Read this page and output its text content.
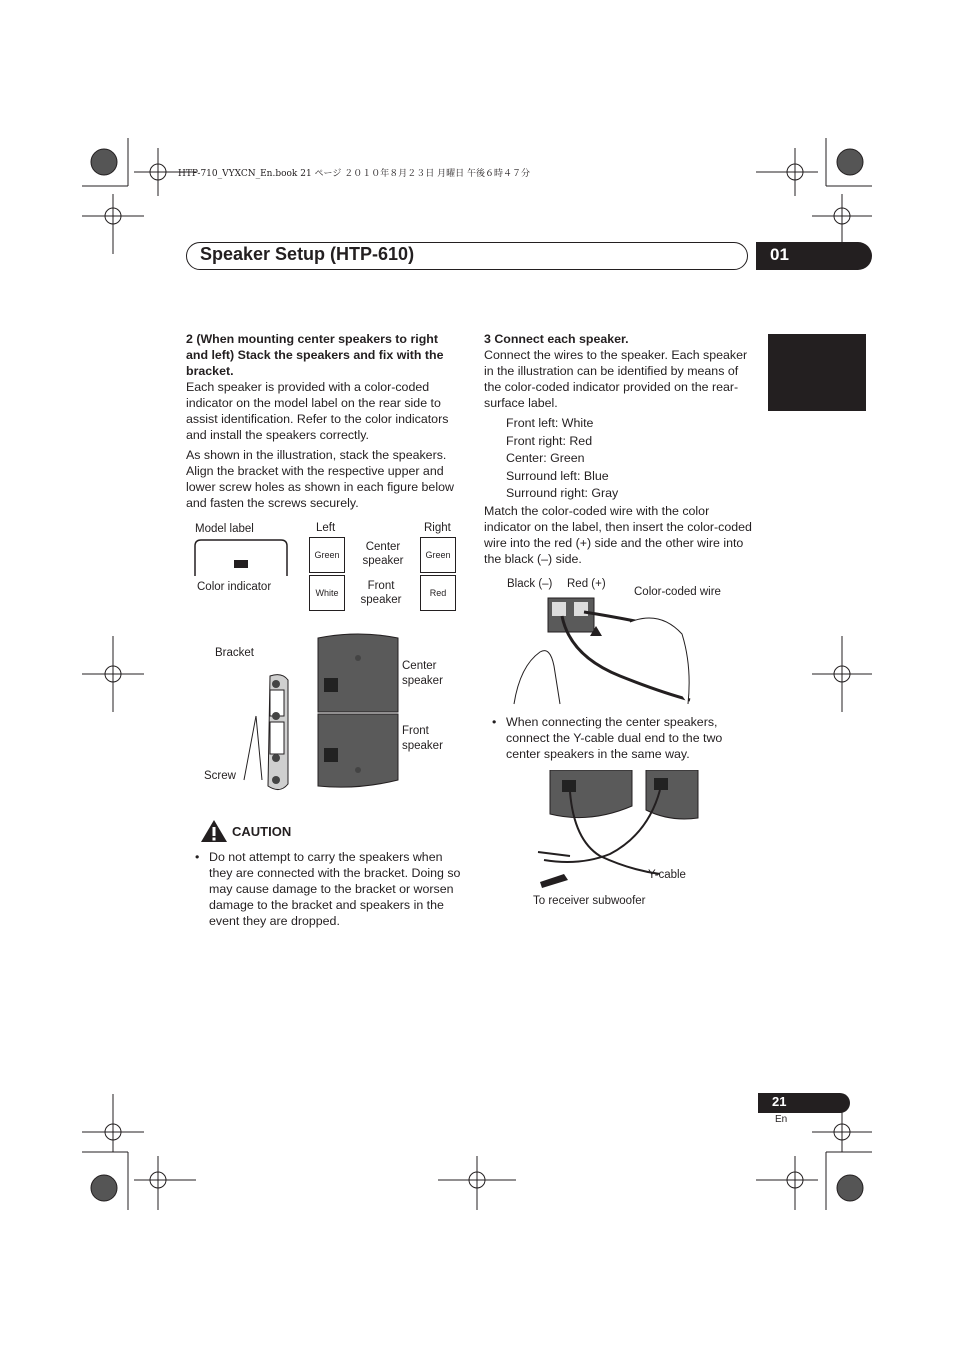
HTP-710_VYXCN_En.book 21 ページ ２０１０年８月２３日 月曜日 午後６時４７分
Speaker Setup (HTP-610)	01
English

2 (When mounting center speakers to right and left) Stack the speakers and fix with the bracket.

Each speaker is provided with a color-coded indicator on the model label on the rear side to assist identification. Refer to the color indicators and install the speakers correctly.

As shown in the illustration, stack the speakers. Align the bracket with the respective upper and lower screw holes as shown in each figure below and fasten the screws securely.

Model label
Color indicator
Left	Right
Green
White
Green
Red
Center speaker
Front speaker
Bracket
Screw
Center speaker
Front speaker
CAUTION
• Do not attempt to carry the speakers when they are connected with the bracket. Doing so may cause damage to the bracket or worsen damage to the bracket and speakers in the event they are dropped.

3 Connect each speaker.

Connect the wires to the speaker. Each speaker in the illustration can be identified by means of the color-coded indicator provided on the rear-surface label.

Front left: White
Front right: Red
Center: Green
Surround left: Blue
Surround right: Gray

Match the color-coded wire with the color indicator on the label, then insert the color-coded wire into the red (+) side and the other wire into the black (–) side.

Black (–) Red (+)
Color-coded wire
• When connecting the center speakers, connect the Y-cable dual end to the two center speakers in the same way.

Y-cable
To receiver subwoofer
21
En
